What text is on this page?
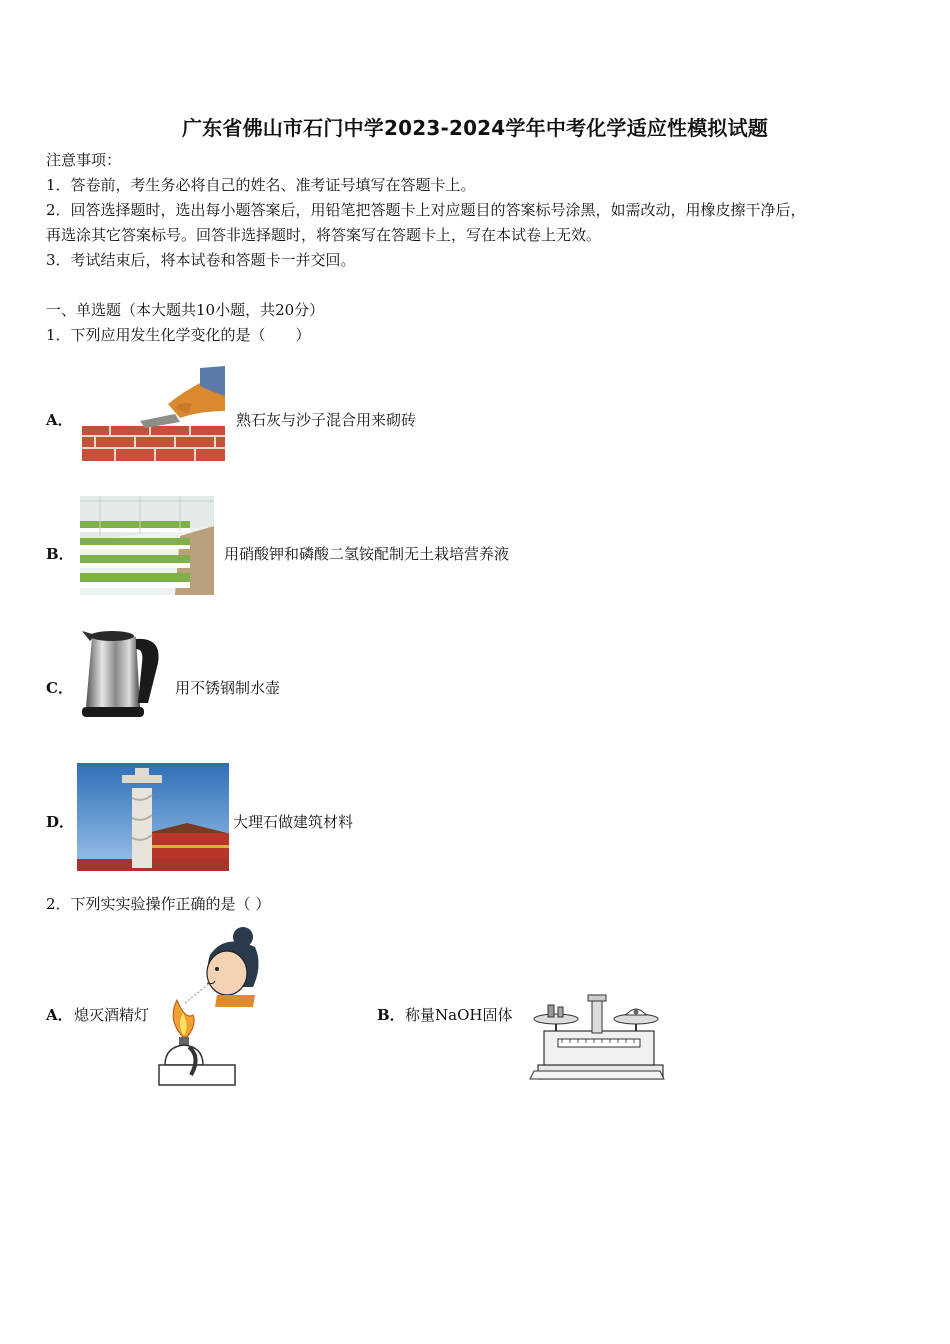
广东省佛山市石门中学2023-2024学年中考化学适应性模拟试题
注意事项：
1．答卷前，考生务必将自己的姓名、准考证号填写在答题卡上。
2．回答选择题时，选出每小题答案后，用铅笔把答题卡上对应题目的答案标号涂黑，如需改动，用橡皮擦干净后，
再选涂其它答案标号。回答非选择题时，将答案写在答题卡上，写在本试卷上无效。
3．考试结束后，将本试卷和答题卡一并交回。
一、单选题（本大题共10小题，共20分）
1．下列应用发生化学变化的是（　　）
A．	熟石灰与沙子混合用来砌砖
B．	用硝酸钾和磷酸二氢铵配制无土栽培营养液
C．	用不锈钢制水壶
D．	大理石做建筑材料
2．下列实实验操作正确的是（ ）
A． 熄灭酒精灯	B． 称量NaOH固体
